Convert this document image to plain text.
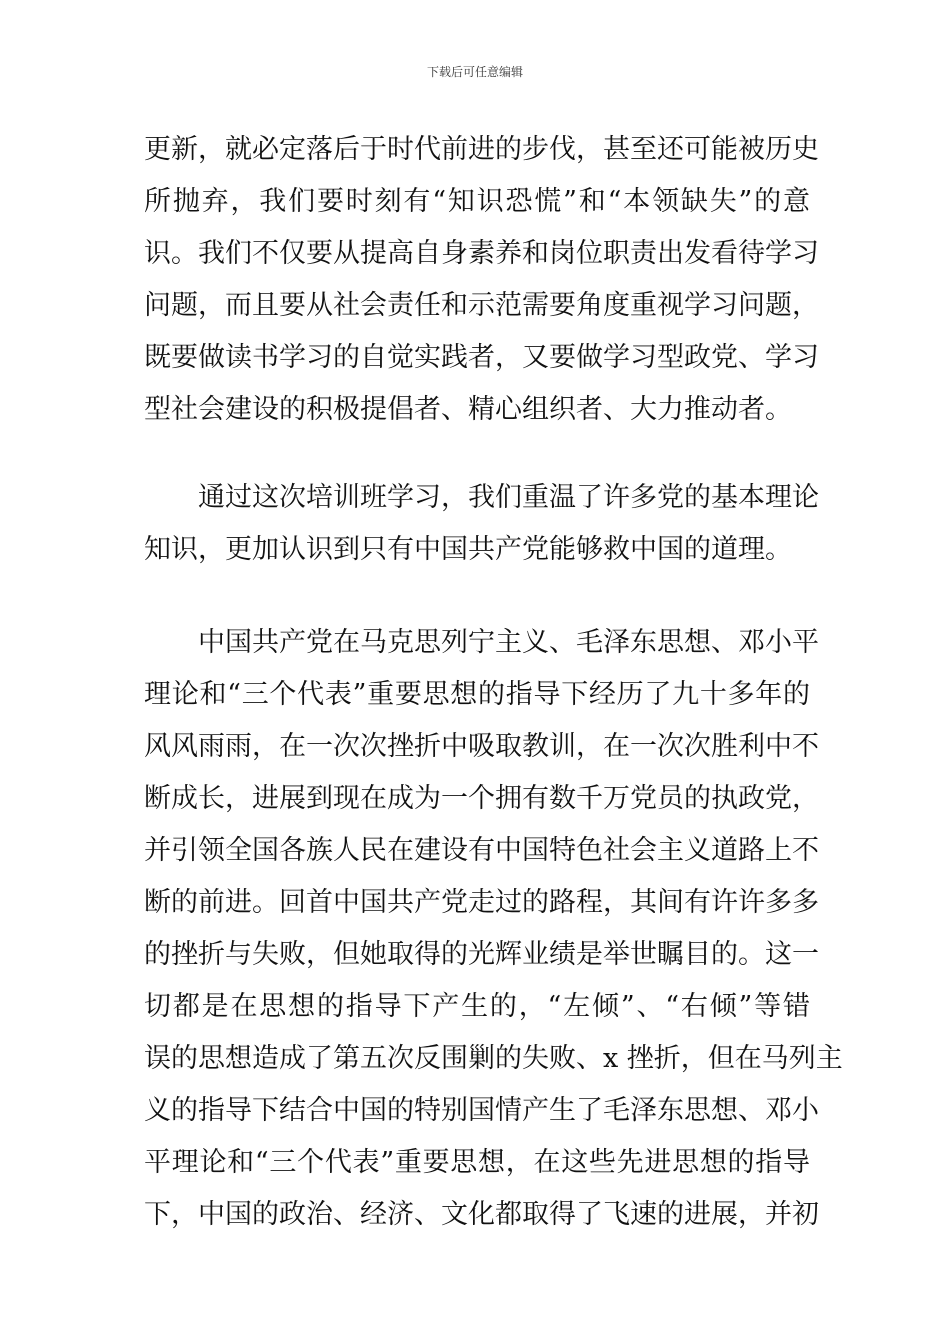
下载后可任意编辑
更新，就必定落后于时代前进的步伐，甚至还可能被历史
所抛弃，我们要时刻有“知识恐慌”和“本领缺失”的意
识。我们不仅要从提高自身素养和岗位职责出发看待学习
问题，而且要从社会责任和示范需要角度重视学习问题，
既要做读书学习的自觉实践者，又要做学习型政党、学习
型社会建设的积极提倡者、精心组织者、大力推动者。
通过这次培训班学习，我们重温了许多党的基本理论
知识，更加认识到只有中国共产党能够救中国的道理。
中国共产党在马克思列宁主义、毛泽东思想、邓小平
理论和“三个代表”重要思想的指导下经历了九十多年的
风风雨雨，在一次次挫折中吸取教训，在一次次胜利中不
断成长，进展到现在成为一个拥有数千万党员的执政党，
并引领全国各族人民在建设有中国特色社会主义道路上不
断的前进。回首中国共产党走过的路程，其间有许许多多
的挫折与失败，但她取得的光辉业绩是举世瞩目的。这一
切都是在思想的指导下产生的，“左倾”、“右倾”等错
误的思想造成了第五次反围剿的失败、x 挫折，但在马列主
义的指导下结合中国的特别国情产生了毛泽东思想、邓小
平理论和“三个代表”重要思想，在这些先进思想的指导
下，中国的政治、经济、文化都取得了飞速的进展，并初
